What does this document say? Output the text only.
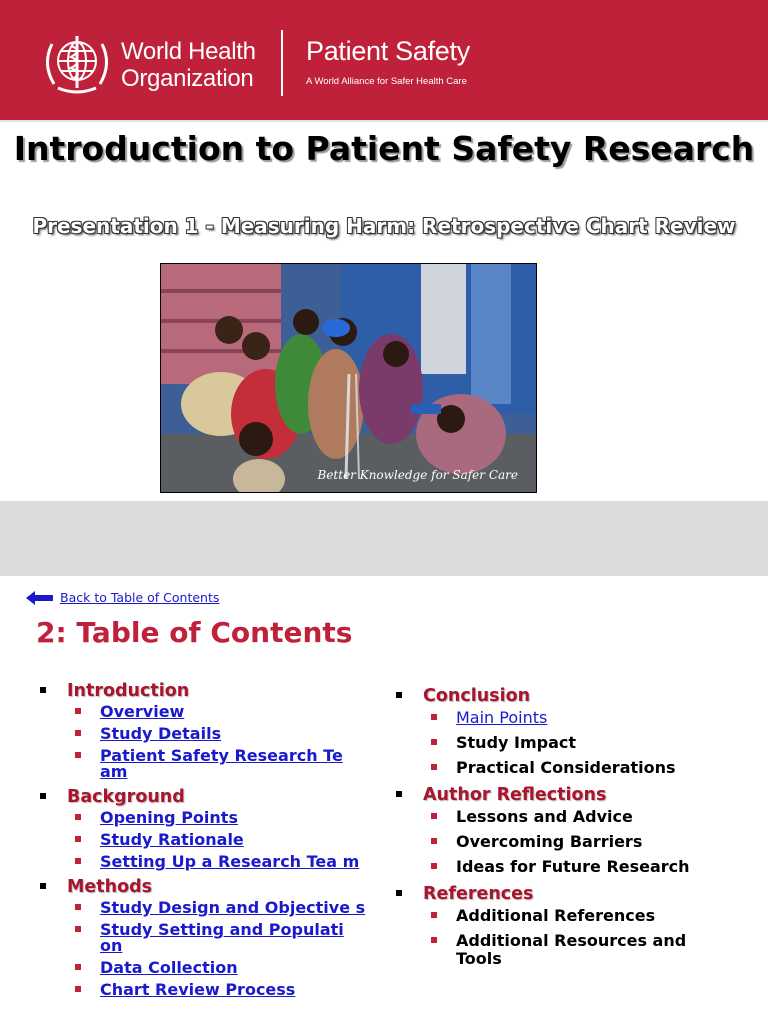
World Health
Organization
Patient Safety
A World Alliance for Safer Health Care
Introduction to Patient Safety Research
Presentation 1 - Measuring Harm: Retrospective Chart Review
Better Knowledge for Safer Care
Back to Table of Contents
2: Table of Contents
Introduction
Overview
Study Details
Patient Safety Research Te am
Background
Opening Points
Study Rationale
Setting Up a Research Tea m
Methods
Study Design and Objective s
Study Setting and Populati on
Data Collection
Chart Review Process
Conclusion
Main Points
Study Impact
Practical Considerations
Author Reflections
Lessons and Advice
Overcoming Barriers
Ideas for Future Research
References
Additional References
Additional Resources and Tools
